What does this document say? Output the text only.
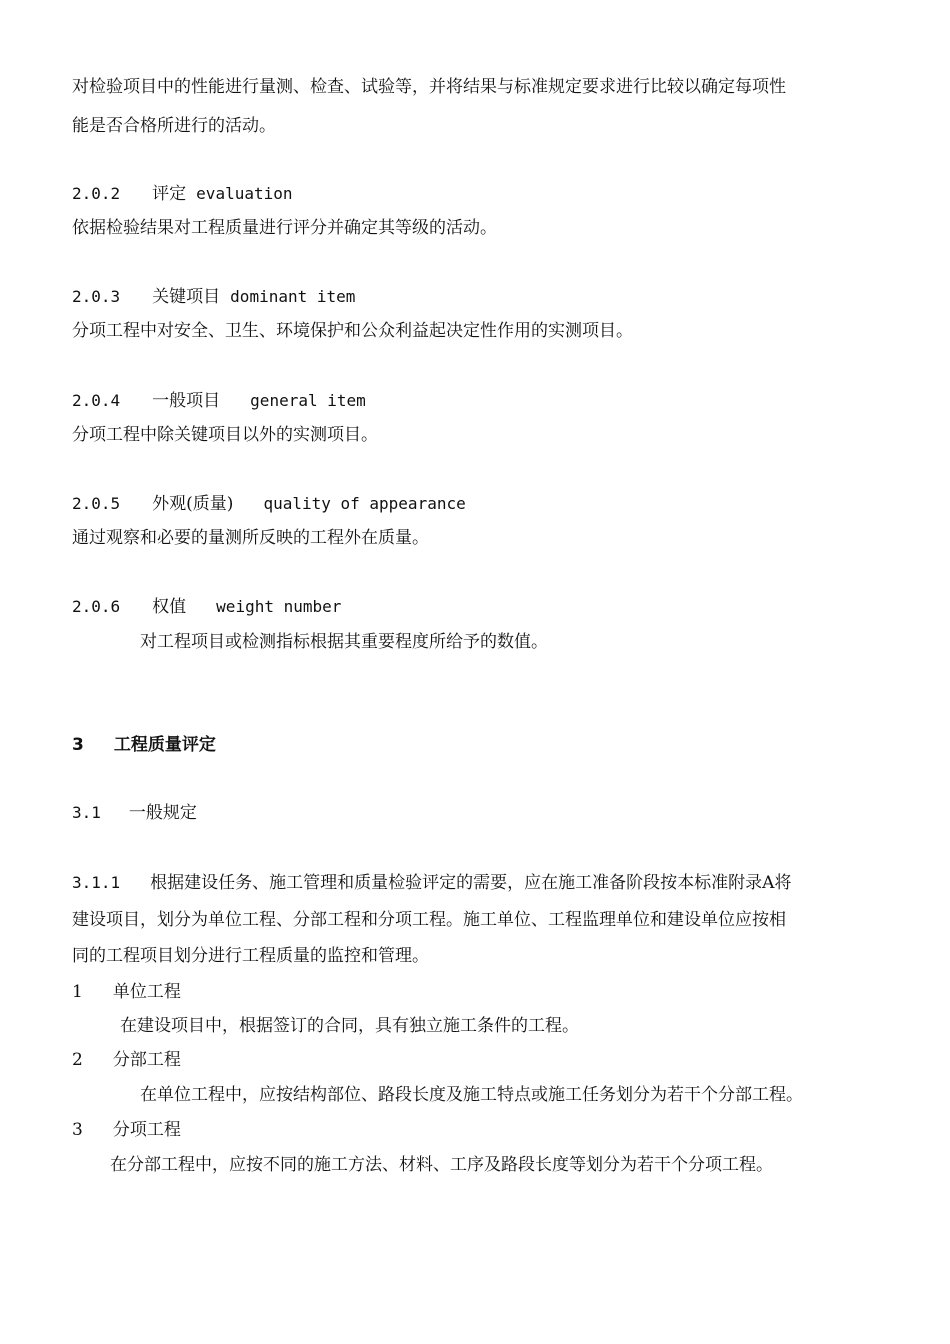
对检验项目中的性能进行量测、检查、试验等，并将结果与标准规定要求进行比较以确定每项性

能是否合格所进行的活动。

2.0.2 评定 evaluation

依据检验结果对工程质量进行评分并确定其等级的活动。

2.0.3 关键项目 dominant item

分项工程中对安全、卫生、环境保护和公众利益起决定性作用的实测项目。

2.0.4 一般项目 general item

分项工程中除关键项目以外的实测项目。

2.0.5 外观(质量) quality of appearance

通过观察和必要的量测所反映的工程外在质量。

2.0.6 权值 weight number

对工程项目或检测指标根据其重要程度所给予的数值。

3 工程质量评定

3.1 一般规定

3.1.1 根据建设任务、施工管理和质量检验评定的需要，应在施工准备阶段按本标准附录A将

建设项目，划分为单位工程、分部工程和分项工程。施工单位、工程监理单位和建设单位应按相

同的工程项目划分进行工程质量的监控和管理。

1 单位工程

在建设项目中，根据签订的合同，具有独立施工条件的工程。

2 分部工程

在单位工程中，应按结构部位、路段长度及施工特点或施工任务划分为若干个分部工程。

3 分项工程

在分部工程中，应按不同的施工方法、材料、工序及路段长度等划分为若干个分项工程。
